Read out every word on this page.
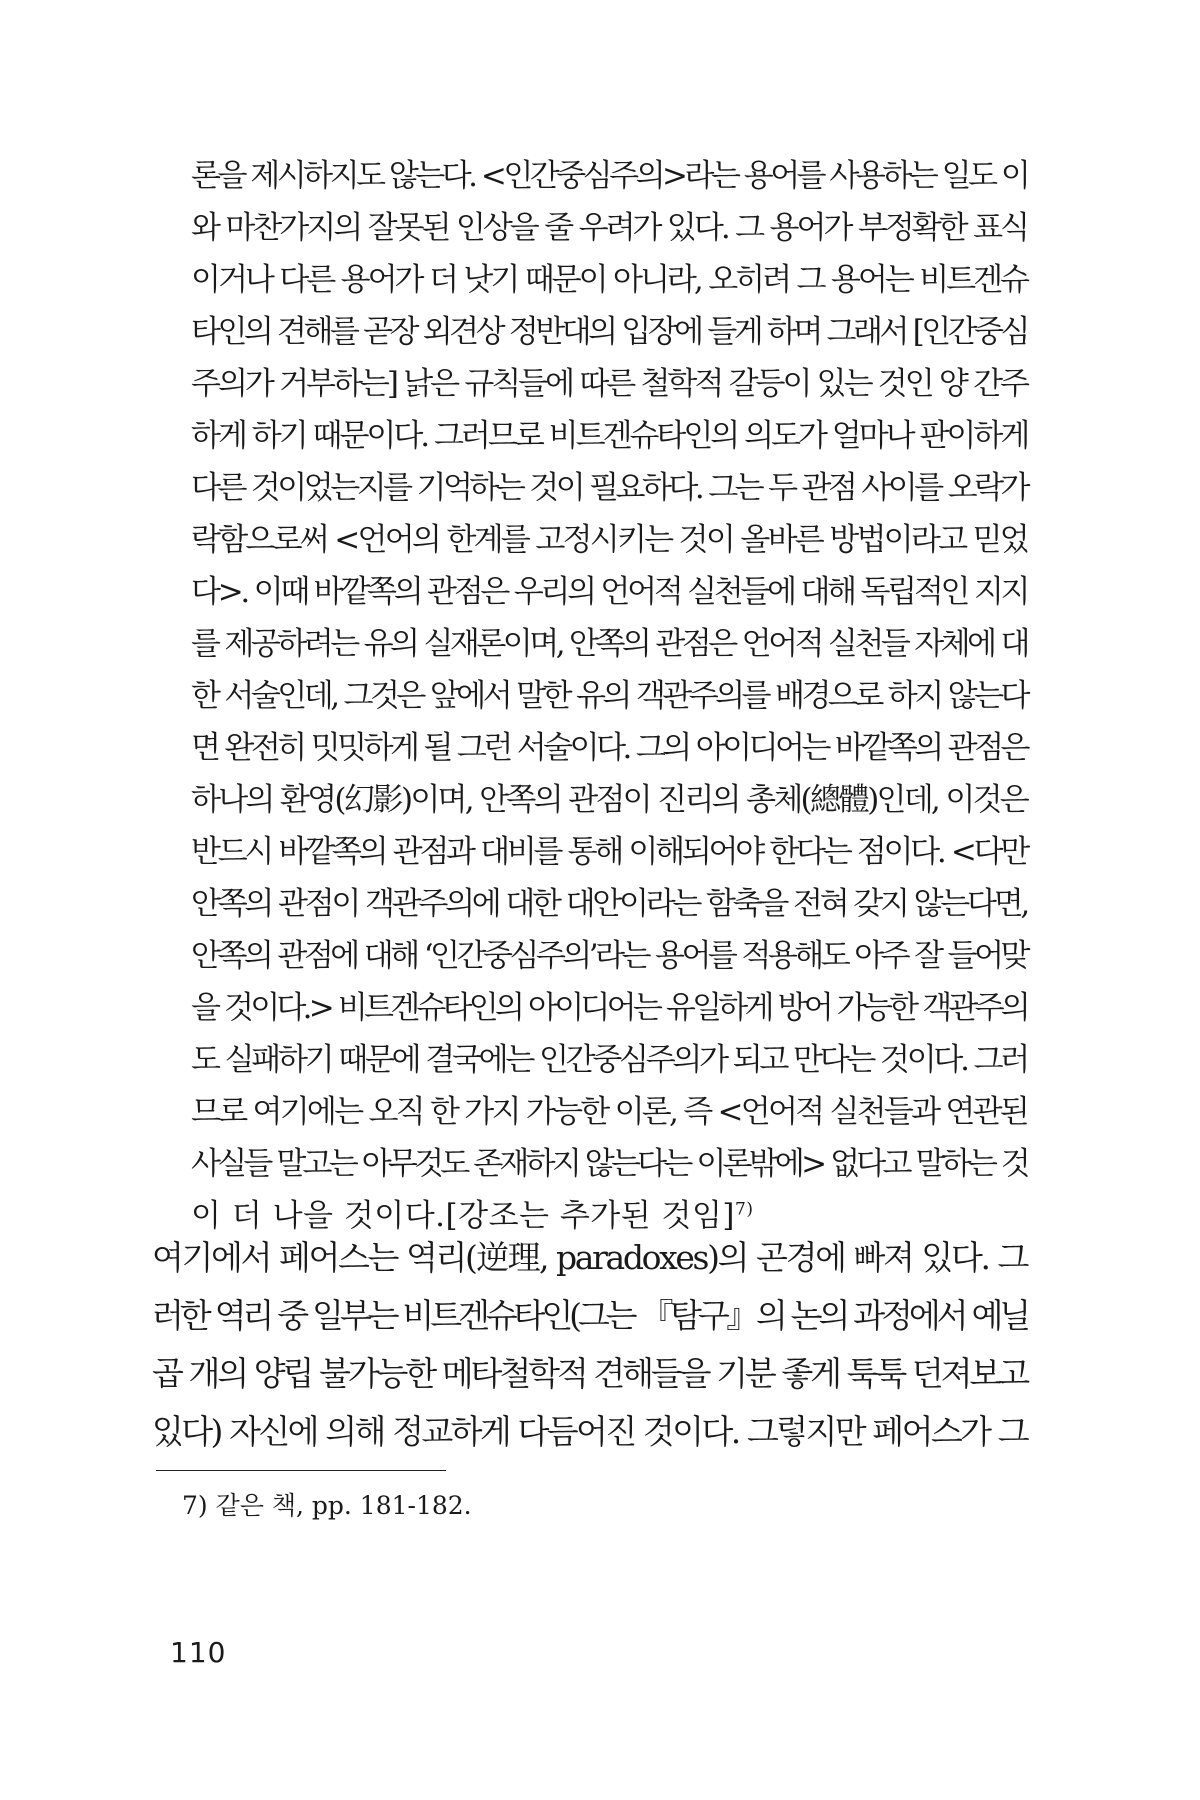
론을 제시하지도 않는다. <인간중심주의>라는 용어를 사용하는 일도 이
와 마찬가지의 잘못된 인상을 줄 우려가 있다. 그 용어가 부정확한 표식
이거나 다른 용어가 더 낫기 때문이 아니라, 오히려 그 용어는 비트겐슈
타인의 견해를 곧장 외견상 정반대의 입장에 들게 하며 그래서 [인간중심
주의가 거부하는] 낡은 규칙들에 따른 철학적 갈등이 있는 것인 양 간주
하게 하기 때문이다. 그러므로 비트겐슈타인의 의도가 얼마나 판이하게
다른 것이었는지를 기억하는 것이 필요하다. 그는 두 관점 사이를 오락가
락함으로써 <언어의 한계를 고정시키는 것이 올바른 방법이라고 믿었
다>. 이때 바깥쪽의 관점은 우리의 언어적 실천들에 대해 독립적인 지지
를 제공하려는 유의 실재론이며, 안쪽의 관점은 언어적 실천들 자체에 대
한 서술인데, 그것은 앞에서 말한 유의 객관주의를 배경으로 하지 않는다
면 완전히 밋밋하게 될 그런 서술이다. 그의 아이디어는 바깥쪽의 관점은
하나의 환영(幻影)이며, 안쪽의 관점이 진리의 총체(總體)인데, 이것은
반드시 바깥쪽의 관점과 대비를 통해 이해되어야 한다는 점이다. <다만
안쪽의 관점이 객관주의에 대한 대안이라는 함축을 전혀 갖지 않는다면,
안쪽의 관점에 대해 ‘인간중심주의’라는 용어를 적용해도 아주 잘 들어맞
을 것이다.> 비트겐슈타인의 아이디어는 유일하게 방어 가능한 객관주의
도 실패하기 때문에 결국에는 인간중심주의가 되고 만다는 것이다. 그러
므로 여기에는 오직 한 가지 가능한 이론, 즉 <언어적 실천들과 연관된
사실들 말고는 아무것도 존재하지 않는다는 이론밖에> 없다고 말하는 것
이 더 나을 것이다.[강조는 추가된 것임]$^{7)}$
여기에서 페어스는 역리(逆理, paradoxes)의 곤경에 빠져 있다. 그
러한 역리 중 일부는 비트겐슈타인(그는 『탐구』의 논의 과정에서 예닐
곱 개의 양립 불가능한 메타철학적 견해들을 기분 좋게 툭툭 던져보고
있다) 자신에 의해 정교하게 다듬어진 것이다. 그렇지만 페어스가 그
7) 같은 책, pp. 181-182.
110
